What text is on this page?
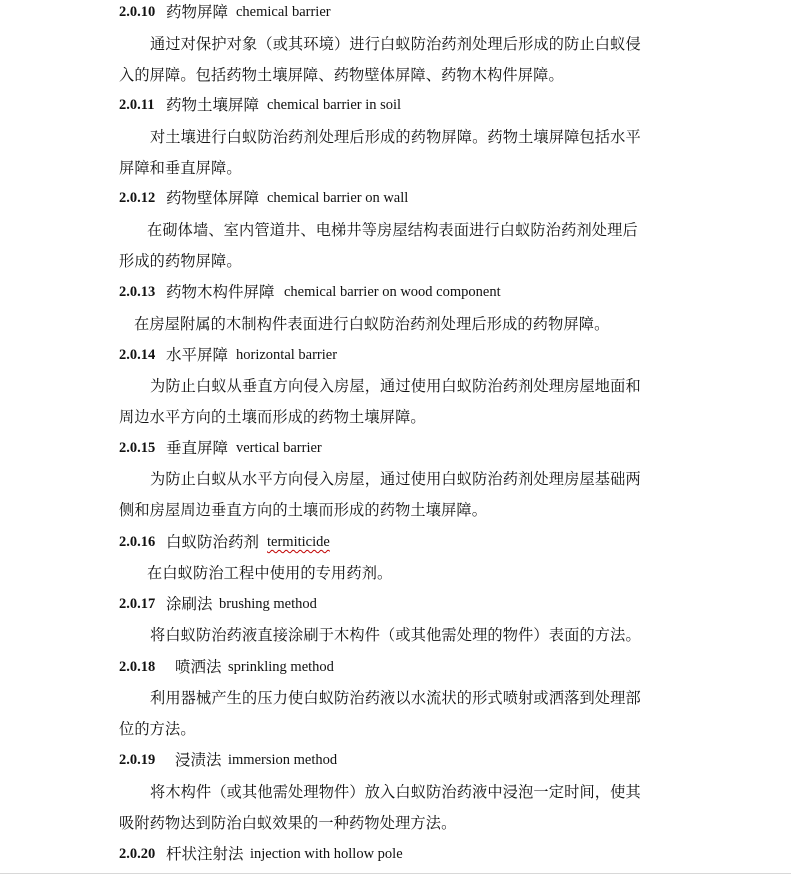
2.0.10 药物屏障 chemical barrier
通过对保护对象（或其环境）进行白蚁防治药剂处理后形成的防止白蚁侵
入的屏障。包括药物土壤屏障、药物壁体屏障、药物木构件屏障。
2.0.11 药物土壤屏障 chemical barrier in soil
对土壤进行白蚁防治药剂处理后形成的药物屏障。药物土壤屏障包括水平
屏障和垂直屏障。
2.0.12 药物壁体屏障 chemical barrier on wall
在砌体墙、室内管道井、电梯井等房屋结构表面进行白蚁防治药剂处理后
形成的药物屏障。
2.0.13 药物木构件屏障 chemical barrier on wood component
在房屋附属的木制构件表面进行白蚁防治药剂处理后形成的药物屏障。
2.0.14 水平屏障 horizontal barrier
为防止白蚁从垂直方向侵入房屋，通过使用白蚁防治药剂处理房屋地面和
周边水平方向的土壤而形成的药物土壤屏障。
2.0.15 垂直屏障 vertical barrier
为防止白蚁从水平方向侵入房屋，通过使用白蚁防治药剂处理房屋基础两
侧和房屋周边垂直方向的土壤而形成的药物土壤屏障。
2.0.16 白蚁防治药剂 termiticide
在白蚁防治工程中使用的专用药剂。
2.0.17 涂刷法 brushing method
将白蚁防治药液直接涂刷于木构件（或其他需处理的物件）表面的方法。
2.0.18 喷洒法 sprinkling method
利用器械产生的压力使白蚁防治药液以水流状的形式喷射或洒落到处理部
位的方法。
2.0.19 浸渍法 immersion method
将木构件（或其他需处理物件）放入白蚁防治药液中浸泡一定时间，使其
吸附药物达到防治白蚁效果的一种药物处理方法。
2.0.20 杆状注射法 injection with hollow pole
